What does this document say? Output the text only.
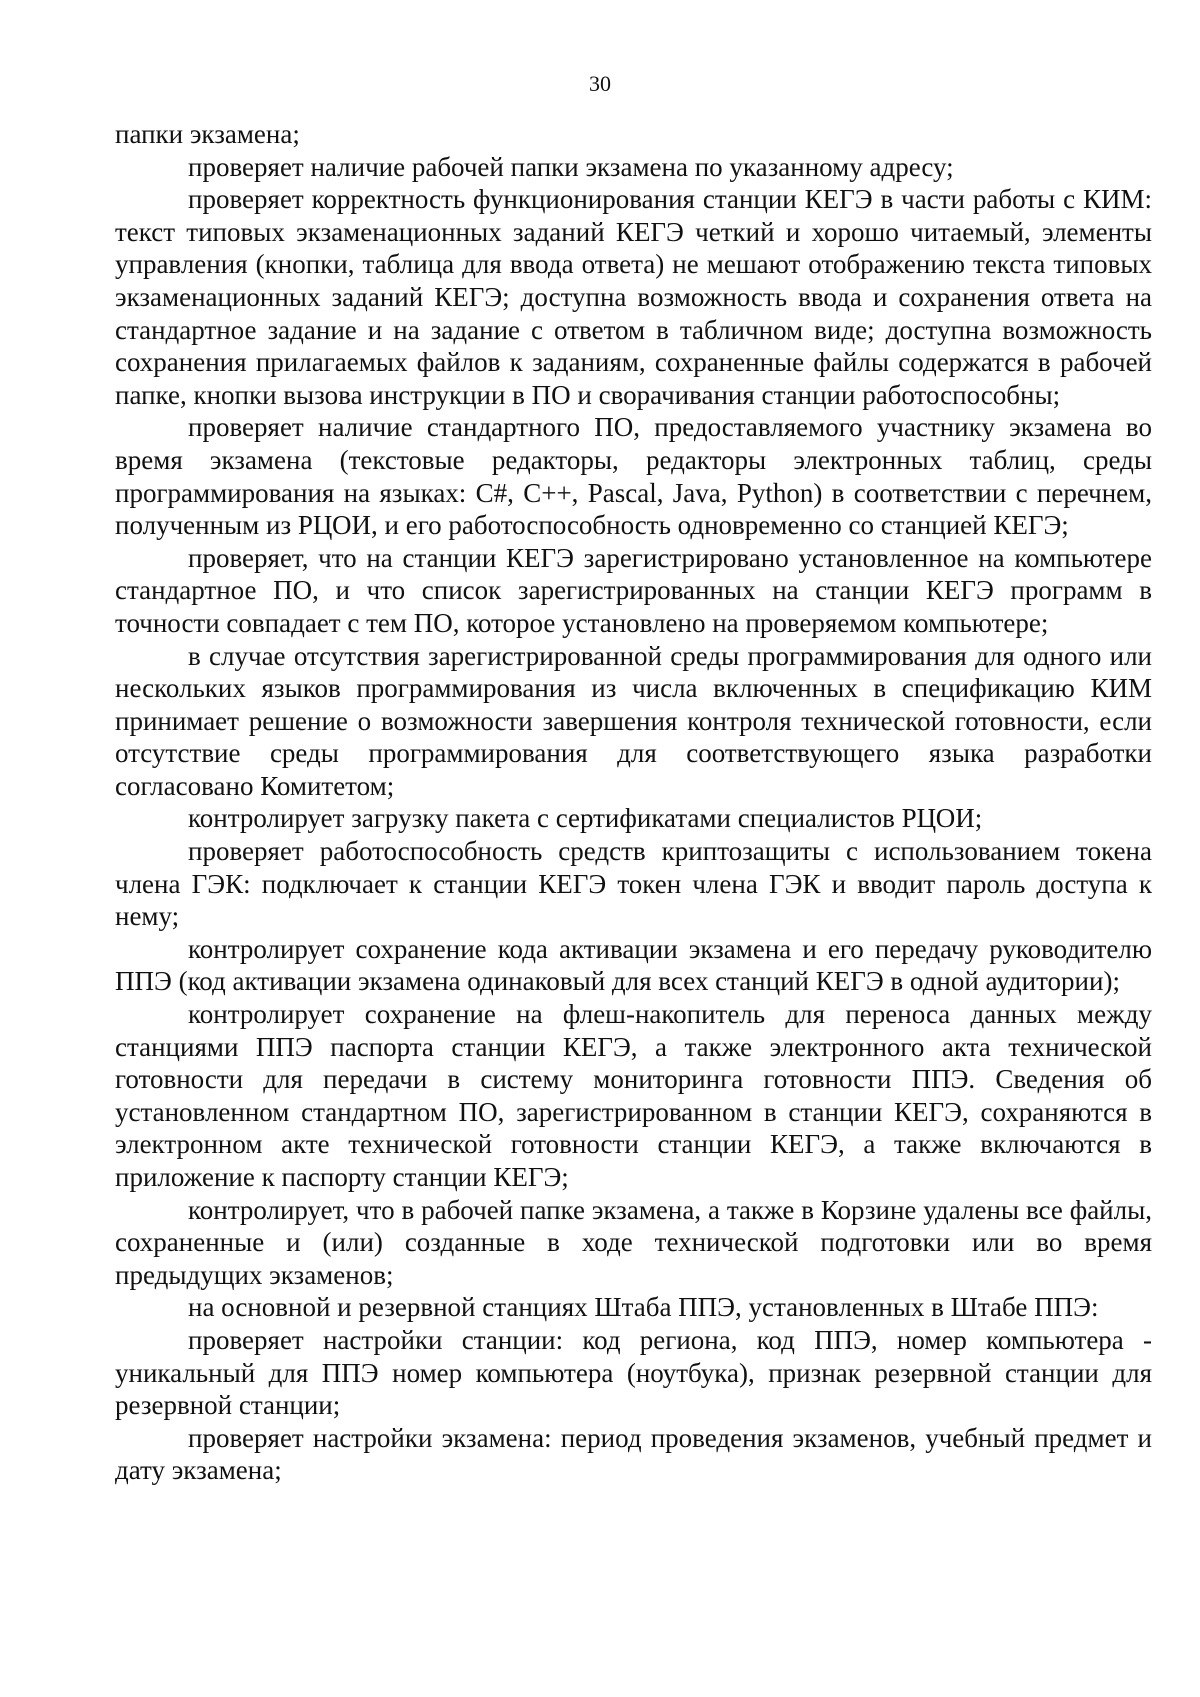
30

папки экзамена;

проверяет наличие рабочей папки экзамена по указанному адресу;

проверяет корректность функционирования станции КЕГЭ в части работы с КИМ: текст типовых экзаменационных заданий КЕГЭ четкий и хорошо читаемый, элементы управления (кнопки, таблица для ввода ответа) не мешают отображению текста типовых экзаменационных заданий КЕГЭ; доступна возможность ввода и сохранения ответа на стандартное задание и на задание с ответом в табличном виде; доступна возможность сохранения прилагаемых файлов к заданиям, сохраненные файлы содержатся в рабочей папке, кнопки вызова инструкции в ПО и сворачивания станции работоспособны;

проверяет наличие стандартного ПО, предоставляемого участнику экзамена во время экзамена (текстовые редакторы, редакторы электронных таблиц, среды программирования на языках: C#, C++, Pascal, Java, Python) в соответствии с перечнем, полученным из РЦОИ, и его работоспособность одновременно со станцией КЕГЭ;

проверяет, что на станции КЕГЭ зарегистрировано установленное на компьютере стандартное ПО, и что список зарегистрированных на станции КЕГЭ программ в точности совпадает с тем ПО, которое установлено на проверяемом компьютере;

в случае отсутствия зарегистрированной среды программирования для одного или нескольких языков программирования из числа включенных в спецификацию КИМ принимает решение о возможности завершения контроля технической готовности, если отсутствие среды программирования для соответствующего языка разработки согласовано Комитетом;

контролирует загрузку пакета с сертификатами специалистов РЦОИ;

проверяет работоспособность средств криптозащиты с использованием токена члена ГЭК: подключает к станции КЕГЭ токен члена ГЭК и вводит пароль доступа к нему;

контролирует сохранение кода активации экзамена и его передачу руководителю ППЭ (код активации экзамена одинаковый для всех станций КЕГЭ в одной аудитории);

контролирует сохранение на флеш-накопитель для переноса данных между станциями ППЭ паспорта станции КЕГЭ, а также электронного акта технической готовности для передачи в систему мониторинга готовности ППЭ. Сведения об установленном стандартном ПО, зарегистрированном в станции КЕГЭ, сохраняются в электронном акте технической готовности станции КЕГЭ, а также включаются в приложение к паспорту станции КЕГЭ;

контролирует, что в рабочей папке экзамена, а также в Корзине удалены все файлы, сохраненные и (или) созданные в ходе технической подготовки или во время предыдущих экзаменов;

на основной и резервной станциях Штаба ППЭ, установленных в Штабе ППЭ:

проверяет настройки станции: код региона, код ППЭ, номер компьютера - уникальный для ППЭ номер компьютера (ноутбука), признак резервной станции для резервной станции;

проверяет настройки экзамена: период проведения экзаменов, учебный предмет и дату экзамена;
